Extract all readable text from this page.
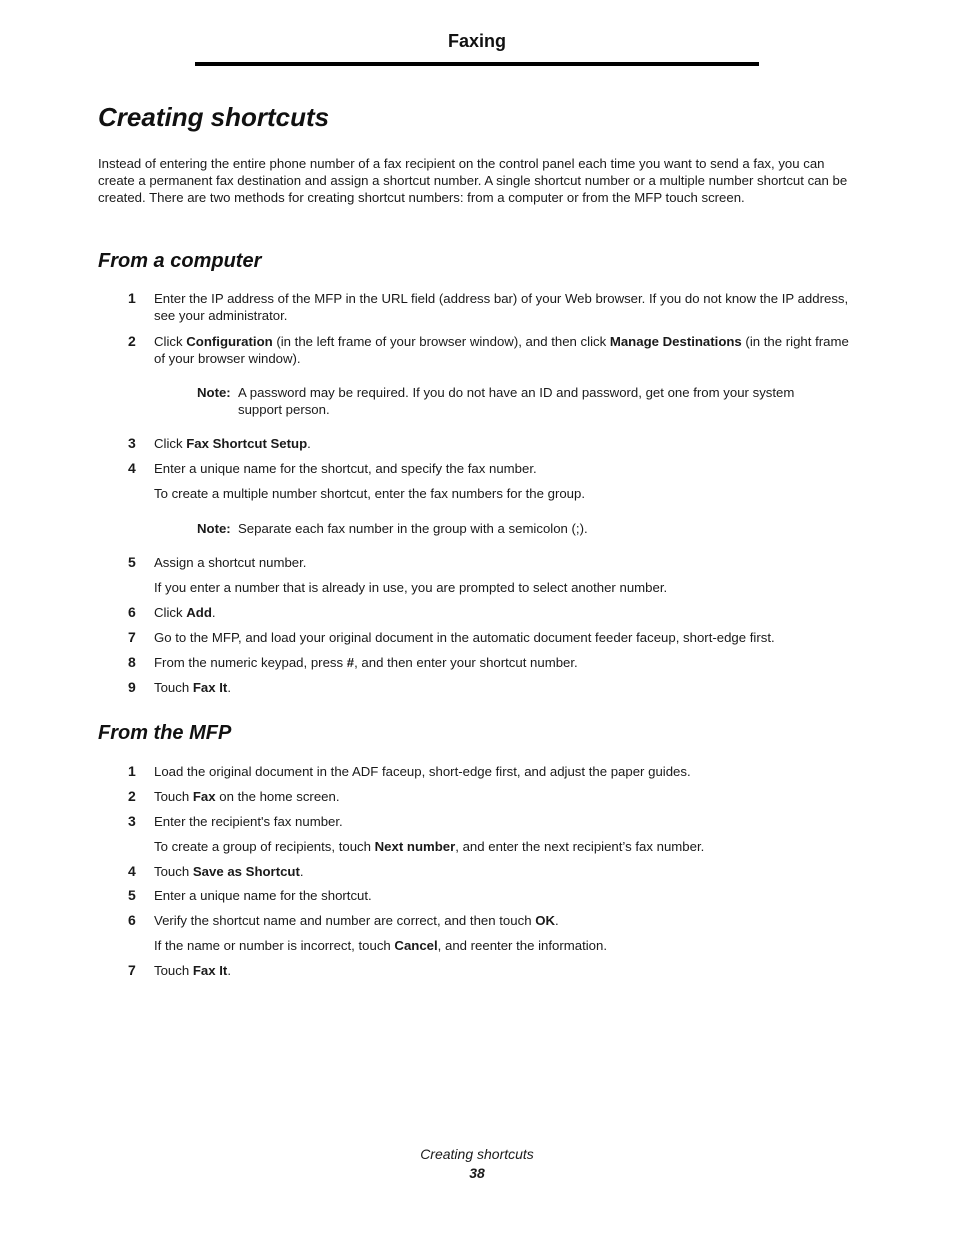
Faxing
Creating shortcuts

Instead of entering the entire phone number of a fax recipient on the control panel each time you want to send a fax, you can create a permanent fax destination and assign a shortcut number. A single shortcut number or a multiple number shortcut can be created. There are two methods for creating shortcut numbers: from a computer or from the MFP touch screen.

From a computer
1 Enter the IP address of the MFP in the URL field (address bar) of your Web browser. If you do not know the IP address, see your administrator.
2 Click Configuration (in the left frame of your browser window), and then click Manage Destinations (in the right frame of your browser window).
Note: A password may be required. If you do not have an ID and password, get one from your system support person.
3 Click Fax Shortcut Setup.
4 Enter a unique name for the shortcut, and specify the fax number.
To create a multiple number shortcut, enter the fax numbers for the group.
Note: Separate each fax number in the group with a semicolon (;).
5 Assign a shortcut number.
If you enter a number that is already in use, you are prompted to select another number.
6 Click Add.
7 Go to the MFP, and load your original document in the automatic document feeder faceup, short-edge first.
8 From the numeric keypad, press #, and then enter your shortcut number.
9 Touch Fax It.
From the MFP
1 Load the original document in the ADF faceup, short-edge first, and adjust the paper guides.
2 Touch Fax on the home screen.
3 Enter the recipient's fax number.
To create a group of recipients, touch Next number, and enter the next recipient’s fax number.
4 Touch Save as Shortcut.
5 Enter a unique name for the shortcut.
6 Verify the shortcut name and number are correct, and then touch OK.
If the name or number is incorrect, touch Cancel, and reenter the information.
7 Touch Fax It.
Creating shortcuts
38
